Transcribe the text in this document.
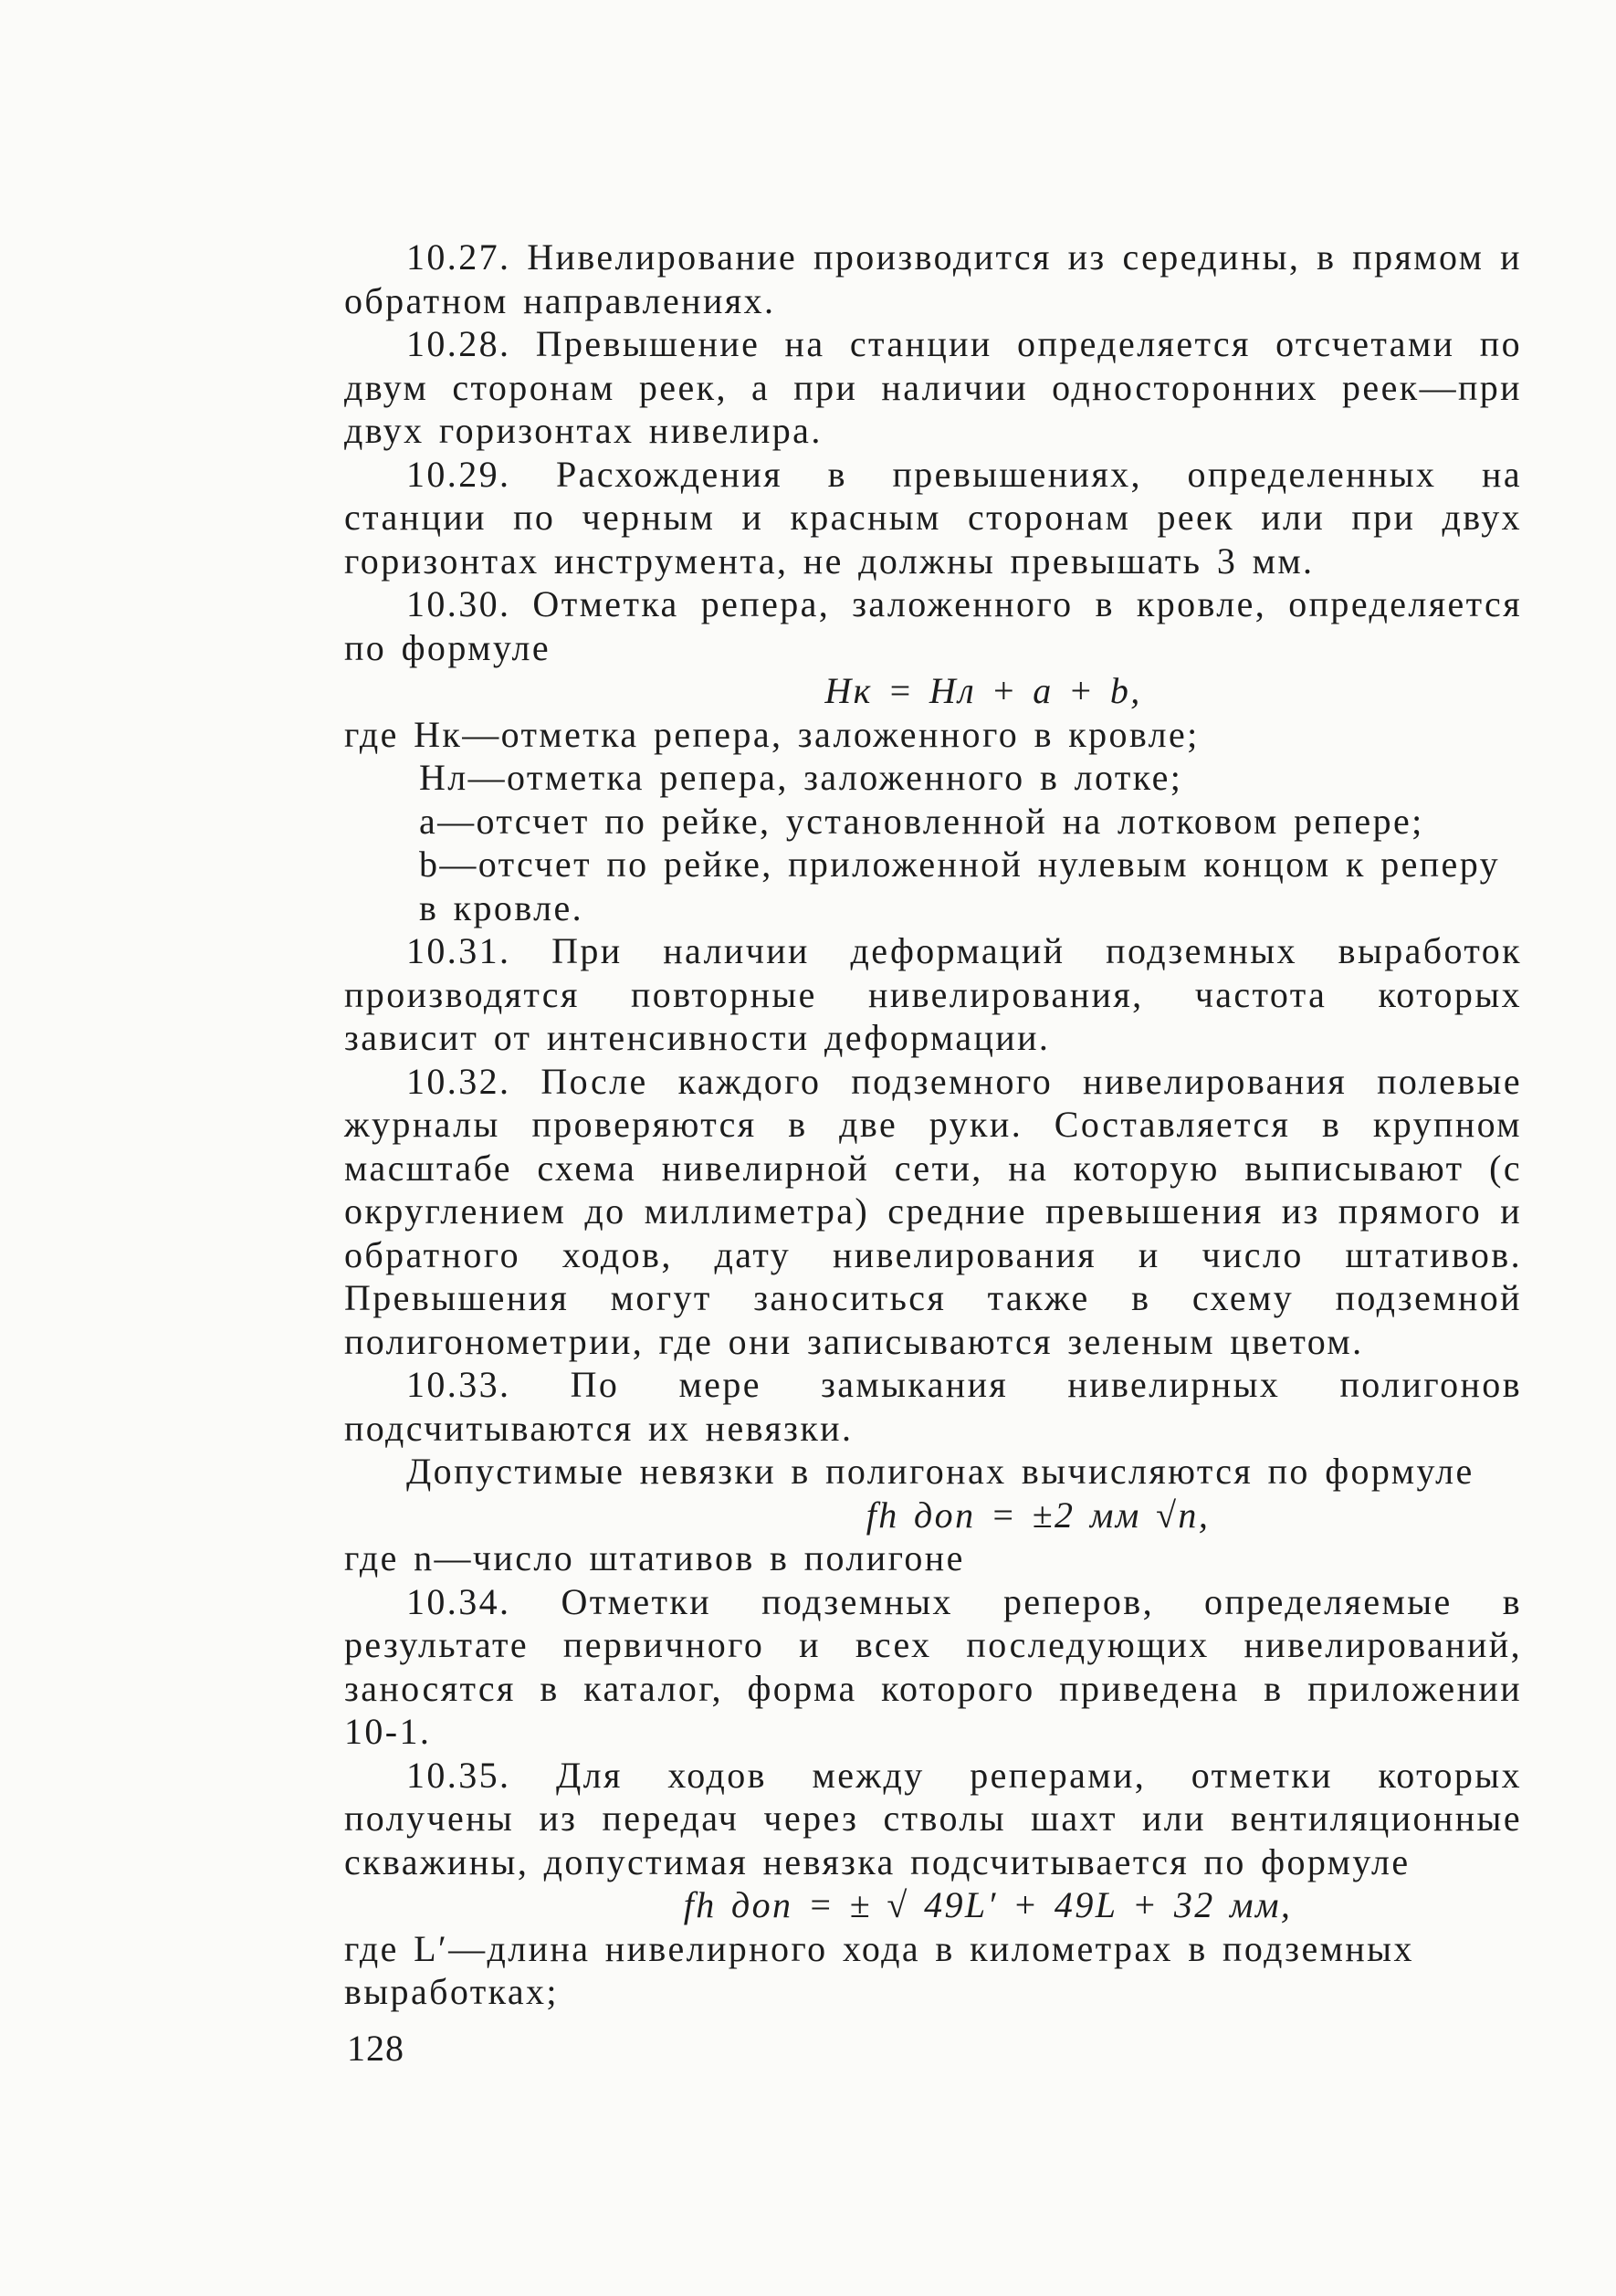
10.27. Нивелирование производится из середины, в прямом и обратном направлениях.

10.28. Превышение на станции определяется отсчетами по двум сторонам реек, а при наличии односторонних реек—при двух горизонтах нивелира.

10.29. Расхождения в превышениях, определенных на станции по черным и красным сторонам реек или при двух горизонтах инструмента, не должны превышать 3 мм.

10.30. Отметка репера, заложенного в кровле, определяется по формуле

Hк = Hл + a + b,

где Hк—отметка репера, заложенного в кровле;

Hл—отметка репера, заложенного в лотке;

a—отсчет по рейке, установленной на лотковом репере;

b—отсчет по рейке, приложенной нулевым концом к реперу в кровле.

10.31. При наличии деформаций подземных выработок производятся повторные нивелирования, частота которых зависит от интенсивности деформации.

10.32. После каждого подземного нивелирования полевые журналы проверяются в две руки. Составляется в крупном масштабе схема нивелирной сети, на которую выписывают (с округлением до миллиметра) средние превышения из прямого и обратного ходов, дату нивелирования и число штативов. Превышения могут заноситься также в схему подземной полигонометрии, где они записываются зеленым цветом.

10.33. По мере замыкания нивелирных полигонов подсчитываются их невязки.

Допустимые невязки в полигонах вычисляются по формуле

fh доп = ±2 мм √n,

где n—число штативов в полигоне

10.34. Отметки подземных реперов, определяемые в результате первичного и всех последующих нивелирований, заносятся в каталог, форма которого приведена в приложении 10-1.

10.35. Для ходов между реперами, отметки которых получены из передач через стволы шахт или вентиляционные скважины, допустимая невязка подсчитывается по формуле

fh доп = ± √ 49L′ + 49L + 32 мм,

где L′—длина нивелирного хода в километрах в подземных выработках;

128
